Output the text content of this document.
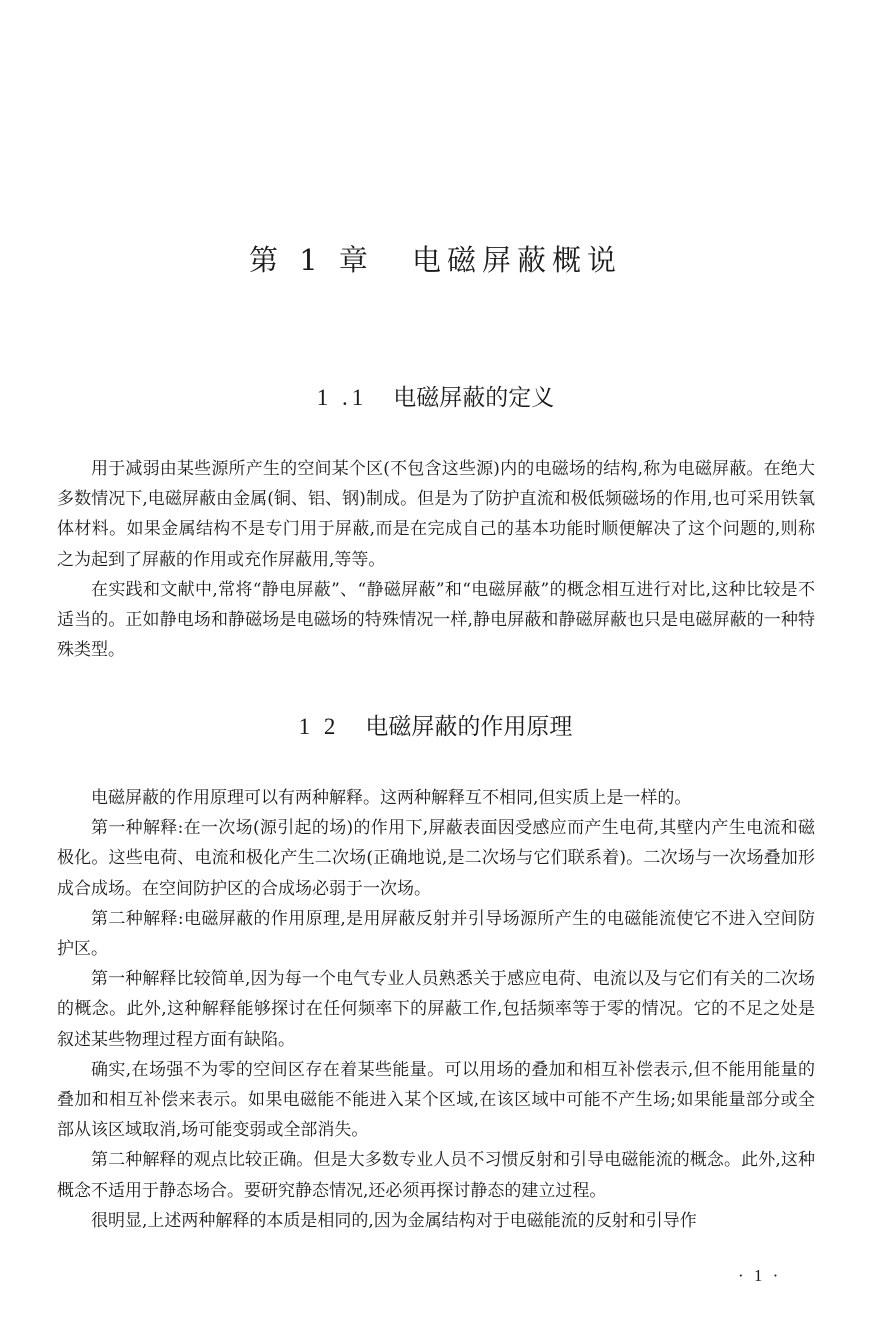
第 1 章 电磁屏蔽概说
1 .1 电磁屏蔽的定义

用于减弱由某些源所产生的空间某个区(不包含这些源)内的电磁场的结构,称为电磁屏蔽。在绝大多数情况下,电磁屏蔽由金属(铜、铝、钢)制成。但是为了防护直流和极低频磁场的作用,也可采用铁氧体材料。如果金属结构不是专门用于屏蔽,而是在完成自己的基本功能时顺便解决了这个问题的,则称之为起到了屏蔽的作用或充作屏蔽用,等等。

在实践和文献中,常将“静电屏蔽”、“静磁屏蔽”和“电磁屏蔽”的概念相互进行对比,这种比较是不适当的。正如静电场和静磁场是电磁场的特殊情况一样,静电屏蔽和静磁屏蔽也只是电磁屏蔽的一种特殊类型。

1 2 电磁屏蔽的作用原理

电磁屏蔽的作用原理可以有两种解释。这两种解释互不相同,但实质上是一样的。

第一种解释:在一次场(源引起的场)的作用下,屏蔽表面因受感应而产生电荷,其壁内产生电流和磁极化。这些电荷、电流和极化产生二次场(正确地说,是二次场与它们联系着)。二次场与一次场叠加形成合成场。在空间防护区的合成场必弱于一次场。

第二种解释:电磁屏蔽的作用原理,是用屏蔽反射并引导场源所产生的电磁能流使它不进入空间防护区。

第一种解释比较简单,因为每一个电气专业人员熟悉关于感应电荷、电流以及与它们有关的二次场的概念。此外,这种解释能够探讨在任何频率下的屏蔽工作,包括频率等于零的情况。它的不足之处是叙述某些物理过程方面有缺陷。

确实,在场强不为零的空间区存在着某些能量。可以用场的叠加和相互补偿表示,但不能用能量的叠加和相互补偿来表示。如果电磁能不能进入某个区域,在该区域中可能不产生场;如果能量部分或全部从该区域取消,场可能变弱或全部消失。

第二种解释的观点比较正确。但是大多数专业人员不习惯反射和引导电磁能流的概念。此外,这种概念不适用于静态场合。要研究静态情况,还必须再探讨静态的建立过程。

很明显,上述两种解释的本质是相同的,因为金属结构对于电磁能流的反射和引导作

· 1 ·
